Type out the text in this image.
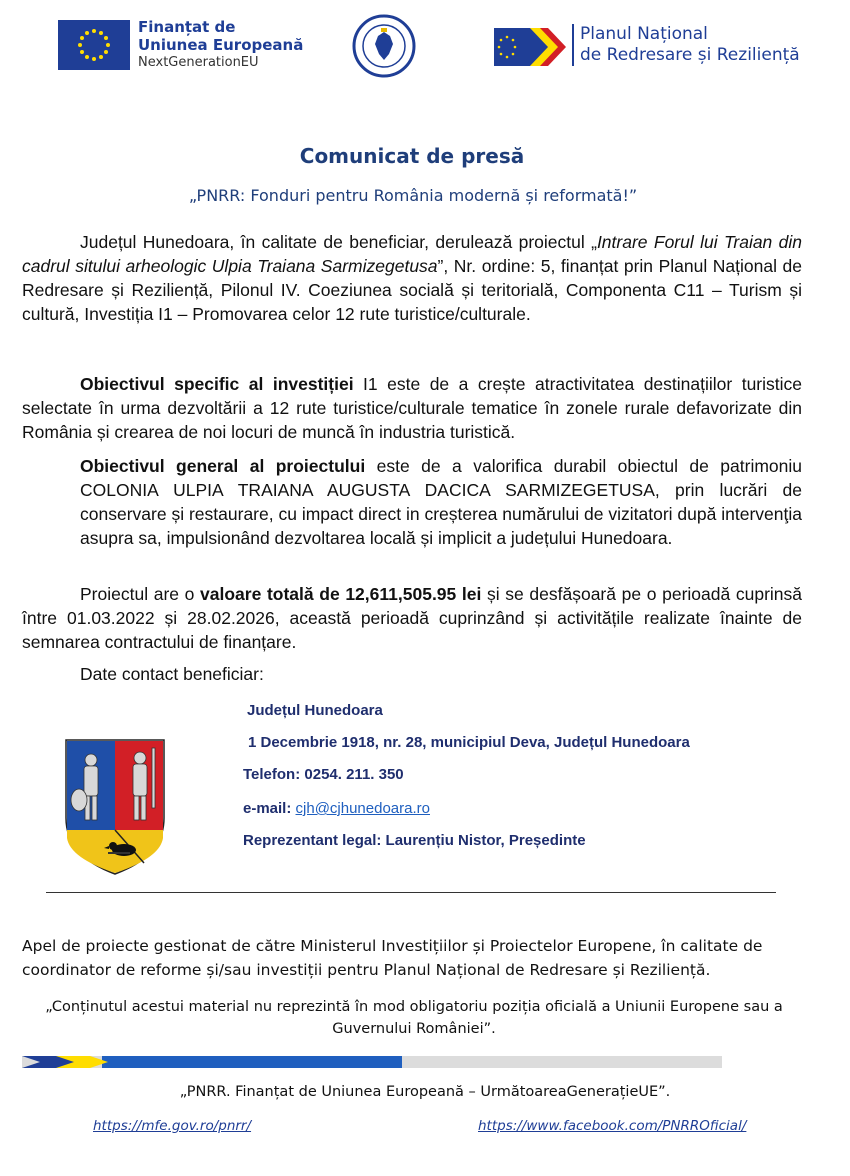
Finanțat de
Uniunea Europeană
NextGenerationEU
Planul Național
de Redresare și Reziliență
Comunicat de presă
„PNRR: Fonduri pentru România modernă și reformată!”
Județul Hunedoara, în calitate de beneficiar, derulează proiectul „Intrare Forul lui Traian din cadrul sitului arheologic Ulpia Traiana Sarmizegetusa”, Nr. ordine: 5, finanțat prin Planul Național de Redresare și Reziliență, Pilonul IV. Coeziunea socială și teritorială, Componenta C11 – Turism și cultură, Investiția I1 – Promovarea celor 12 rute turistice/culturale.
Obiectivul specific al investiției I1 este de a crește atractivitatea destinațiilor turistice selectate în urma dezvoltării a 12 rute turistice/culturale tematice în zonele rurale defavorizate din România și crearea de noi locuri de muncă în industria turistică.
Obiectivul general al proiectului este de a valorifica durabil obiectul de patrimoniu COLONIA ULPIA TRAIANA AUGUSTA DACICA SARMIZEGETUSA, prin lucrări de conservare și restaurare, cu impact direct in creșterea numărului de vizitatori după intervenţia asupra sa, impulsionând dezvoltarea locală și implicit a județului Hunedoara.
Proiectul are o valoare totală de 12,611,505.95 lei și se desfășoară pe o perioadă cuprinsă între 01.03.2022 și 28.02.2026, această perioadă cuprinzând și activitățile realizate înainte de semnarea contractului de finanțare.
Date contact beneficiar:
Județul Hunedoara
1 Decembrie 1918, nr. 28, municipiul Deva, Județul Hunedoara
Telefon: 0254. 211. 350
e-mail: cjh@cjhunedoara.ro
Reprezentant legal: Laurențiu Nistor, Președinte
Apel de proiecte gestionat de către Ministerul Investițiilor și Proiectelor Europene, în calitate de coordinator de reforme și/sau investiții pentru Planul Național de Redresare și Reziliență.
„Conținutul acestui material nu reprezintă în mod obligatoriu poziția oficială a Uniunii Europene sau a Guvernului României”.
„PNRR. Finanțat de Uniunea Europeană – UrmătoareaGenerațieUE”.
https://mfe.gov.ro/pnrr/	https://www.facebook.com/PNRROficial/
